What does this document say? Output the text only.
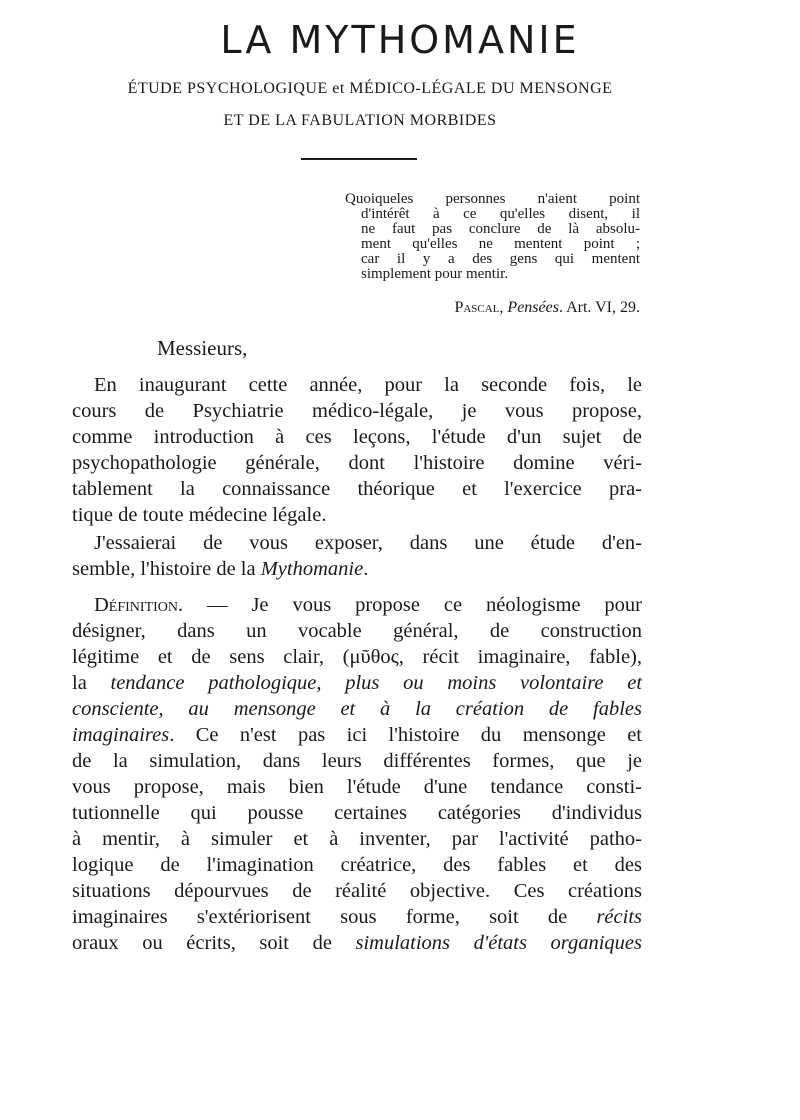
LA MYTHOMANIE
ÉTUDE PSYCHOLOGIQUE et MÉDICO-LÉGALE DU MENSONGE
ET DE LA FABULATION MORBIDES
Quoiqueles personnes n'aient point
d'intérêt à ce qu'elles disent, il
ne faut pas conclure de là absolu-
ment qu'elles ne mentent point ;
car il y a des gens qui mentent
simplement pour mentir.
Pascal, Pensées. Art. VI, 29.
Messieurs,
En inaugurant cette année, pour la seconde fois, le
cours de Psychiatrie médico-légale, je vous propose,
comme introduction à ces leçons, l'étude d'un sujet de
psychopathologie générale, dont l'histoire domine véri-
tablement la connaissance théorique et l'exercice pra-
tique de toute médecine légale.
J'essaierai de vous exposer, dans une étude d'en-
semble, l'histoire de la Mythomanie.
Définition. — Je vous propose ce néologisme pour
désigner, dans un vocable général, de construction
légitime et de sens clair, (μῦθος, récit imaginaire, fable),
la tendance pathologique, plus ou moins volontaire et
consciente, au mensonge et à la création de fables
imaginaires. Ce n'est pas ici l'histoire du mensonge et
de la simulation, dans leurs différentes formes, que je
vous propose, mais bien l'étude d'une tendance consti-
tutionnelle qui pousse certaines catégories d'individus
à mentir, à simuler et à inventer, par l'activité patho-
logique de l'imagination créatrice, des fables et des
situations dépourvues de réalité objective. Ces créations
imaginaires s'extériorisent sous forme, soit de récits
oraux ou écrits, soit de simulations d'états organiques
